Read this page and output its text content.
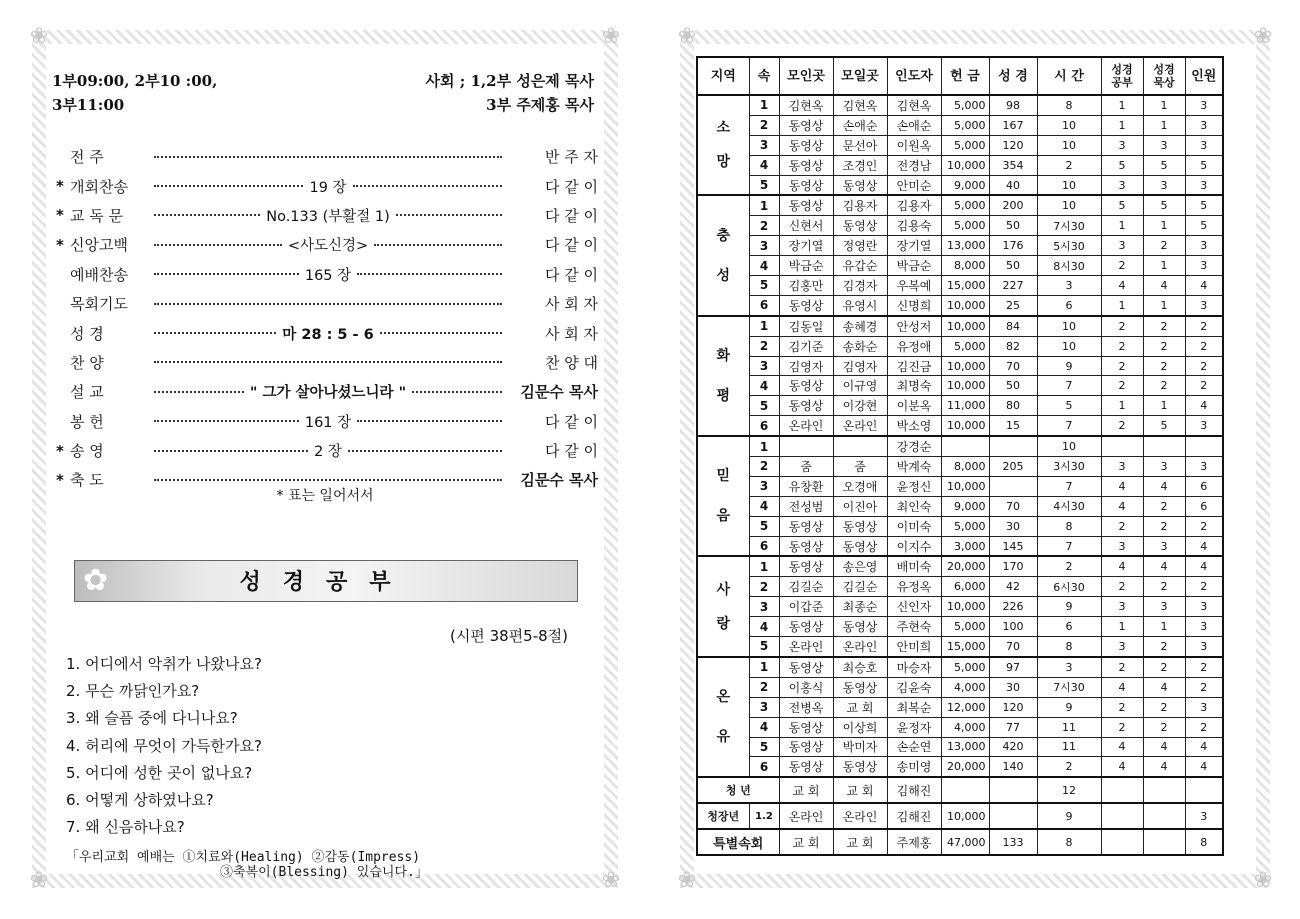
❀	❀
❀	❀
1부09:00, 2부10 :00,
3부11:00
사회 ; 1,2부 성은제 목사
3부 주제홍 목사
전 주	반 주 자
* 개회찬송	19 장	다 같 이
* 교 독 문	No.133 (부활절 1)	다 같 이
* 신앙고백	<사도신경>	다 같 이
예배찬송	165 장	다 같 이
목회기도	사 회 자
성 경	마 28 : 5 - 6	사 회 자
찬 양	찬 양 대
설 교	" 그가 살아나셨느니라 "	김문수 목사
봉 헌	161 장	다 같 이
* 송 영	2 장	다 같 이
* 축 도	김문수 목사
* 표는 일어서서
✿	성경공부
(시편 38편5-8절)
1. 어디에서 악취가 나왔나요?
2. 무슨 까닭인가요?
3. 왜 슬픔 중에 다니나요?
4. 허리에 무엇이 가득한가요?
5. 어디에 성한 곳이 없나요?
6. 어떻게 상하였나요?
7. 왜 신음하나요?
「우리교회 예배는 ①치료와(Healing) ②감동(Impress)
③축복이(Blessing) 있습니다.」
❀	❀
❀	❀
지역	속	모인곳	모일곳	인도자	헌 금	성 경	시 간	성경공부	성경묵상	인원
소망	1	김현옥	김현옥	김현옥	5,000	98	8	1	1	3
	2	동영상	손애순	손애순	5,000	167	10	1	1	3
	3	동영상	문선아	이원옥	5,000	120	10	3	3	3
	4	동영상	조경인	전경남	10,000	354	2	5	5	5
	5	동영상	동영상	안미순	9,000	40	10	3	3	3
충성	1	동영상	김용자	김용자	5,000	200	10	5	5	5
	2	신현서	동영상	김용숙	5,000	50	7시30	1	1	5
	3	장기열	정영란	장기열	13,000	176	5시30	3	2	3
	4	박금순	유갑순	박금순	8,000	50	8시30	2	1	3
	5	김홍만	김경자	우복예	15,000	227	3	4	4	4
	6	동영상	유영시	신명희	10,000	25	6	1	1	3
화평	1	김동일	송혜경	안성저	10,000	84	10	2	2	2
	2	김기준	송화순	유정애	5,000	82	10	2	2	2
	3	김영자	김영자	김진금	10,000	70	9	2	2	2
	4	동영상	이규영	최명숙	10,000	50	7	2	2	2
	5	동영상	이강현	이분옥	11,000	80	5	1	1	4
	6	온라인	온라인	박소영	10,000	15	7	2	5	3
믿음	1			강경순			10			
	2	줌	줌	박계숙	8,000	205	3시30	3	3	3
	3	유창환	오경애	윤정신	10,000		7	4	4	6
	4	전성범	이진아	최인숙	9,000	70	4시30	4	2	6
	5	동영상	동영상	이미숙	5,000	30	8	2	2	2
	6	동영상	동영상	이지수	3,000	145	7	3	3	4
사랑	1	동영상	송은영	배미숙	20,000	170	2	4	4	4
	2	김길순	김길순	유정옥	6,000	42	6시30	2	2	2
	3	이갑준	최종순	신인자	10,000	226	9	3	3	3
	4	동영상	동영상	주현숙	5,000	100	6	1	1	3
	5	온라인	온라인	안미희	15,000	70	8	3	2	3
온유	1	동영상	최승호	마승자	5,000	97	3	2	2	2
	2	이홍식	동영상	김윤숙	4,000	30	7시30	4	4	2
	3	전병옥	교 회	최복순	12,000	120	9	2	2	3
	4	동영상	이상희	윤정자	4,000	77	11	2	2	2
	5	동영상	박미자	손순연	13,000	420	11	4	4	4
	6	동영상	동영상	송미영	20,000	140	2	4	4	4
청 년		교 회	교 회	김해진			12			
청장년	1.2	온라인	온라인	김해진	10,000		9			3
특별속회		교 회	교 회	주제홍	47,000	133	8			8
